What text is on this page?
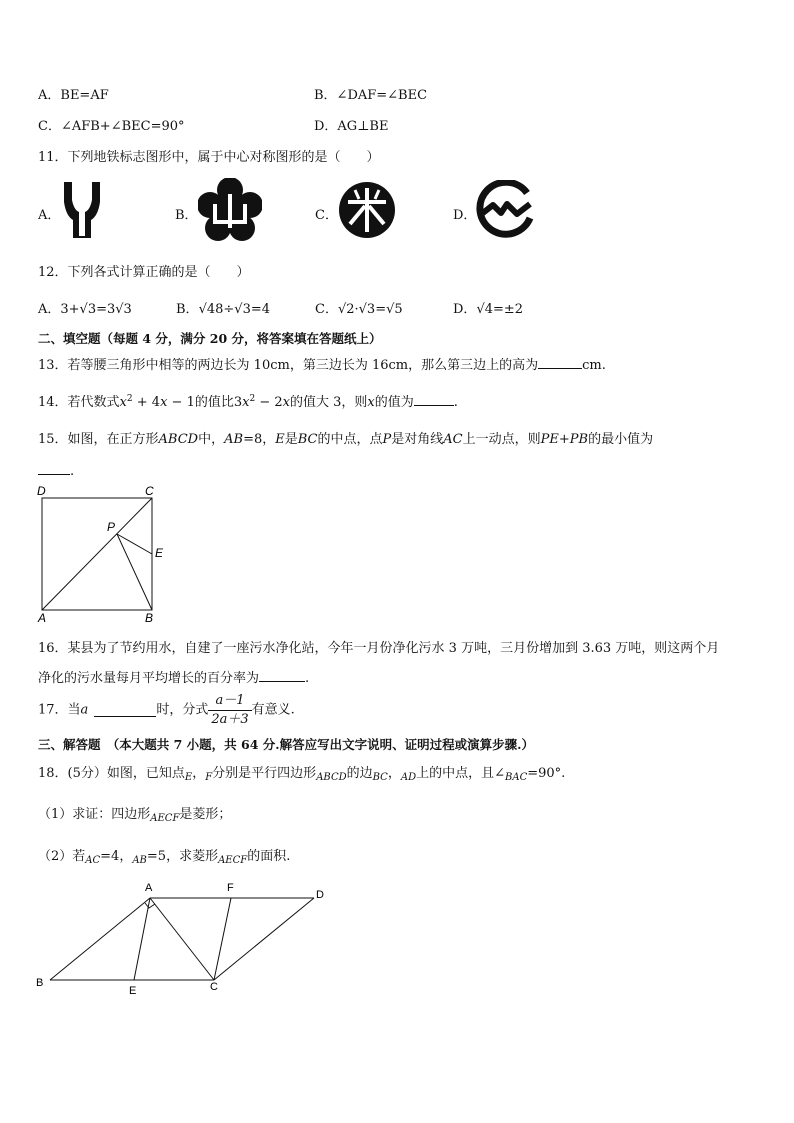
A．BE=AF	B．∠DAF=∠BEC
C．∠AFB+∠BEC=90°	D．AG⊥BE
11．下列地铁标志图形中，属于中心对称图形的是（　　）
A．	B．	C．	D．
12．下列各式计算正确的是（　　）
A．3+√3=3√3	B．√48÷√3=4	C．√2·√3=√5	D．√4=±2
二、填空题（每题 4 分，满分 20 分，将答案填在答题纸上）
13．若等腰三角形中相等的两边长为 10cm，第三边长为 16cm，那么第三边上的高为	cm.
14．若代数式$x^2 + 4x - 1$的值比$3x^2 - 2x$的值大 3，则x的值为	.
15．如图，在正方形ABCD中，AB=8，E是BC的中点，点P是对角线AC上一动点，则PE+PB的最小值为
.
D	C
P
E
A	B
16．某县为了节约用水，自建了一座污水净化站，今年一月份净化污水 3 万吨，三月份增加到 3.63 万吨，则这两个月
净化的污水量每月平均增长的百分率为	.
17．当a	时，分式 $\frac{a-1}{2a+3}$ 有意义.
三、解答题　（本大题共 7 小题，共 64 分.解答应写出文字说明、证明过程或演算步骤.）
18．(5分）如图，已知点$_E$，$_F$分别是平行四边形$_{ABCD}$的边$_{BC}$，$_{AD}$上的中点，且$\angle_{BAC}=90^\circ$.
（1）求证：四边形$_{AECF}$是菱形；
（2）若$_{AC}$=4，$_{AB}$=5，求菱形$_{AECF}$的面积.
A	F
D
B
E	C
